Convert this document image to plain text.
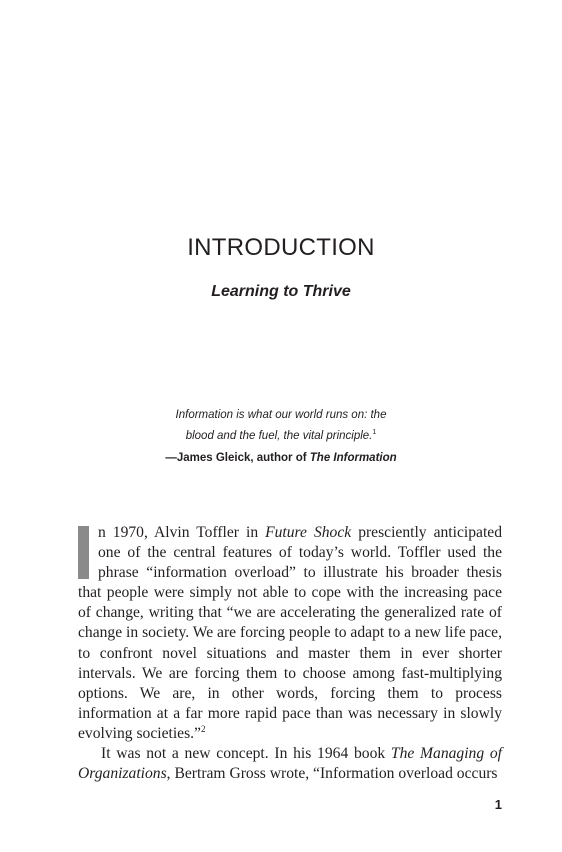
INTRODUCTION
Learning to Thrive
Information is what our world runs on: the
blood and the fuel, the vital principle.$^1$
—James Gleick, author of The Information

n 1970, Alvin Toffler in Future Shock presciently anticipated one of the central features of today’s world. Toffler used the phrase “information overload” to illustrate his broader thesis that people were simply not able to cope with the increasing pace of change, writing that “we are accelerating the generalized rate of change in society. We are forcing people to adapt to a new life pace, to confront novel situations and master them in ever shorter intervals. We are forcing them to choose among fast-multiplying options. We are, in other words, forcing them to process information at a far more rapid pace than was necessary in slowly evolving societies.”$^2$

It was not a new concept. In his 1964 book The Managing of Organizations, Bertram Gross wrote, “Information overload occurs

1
